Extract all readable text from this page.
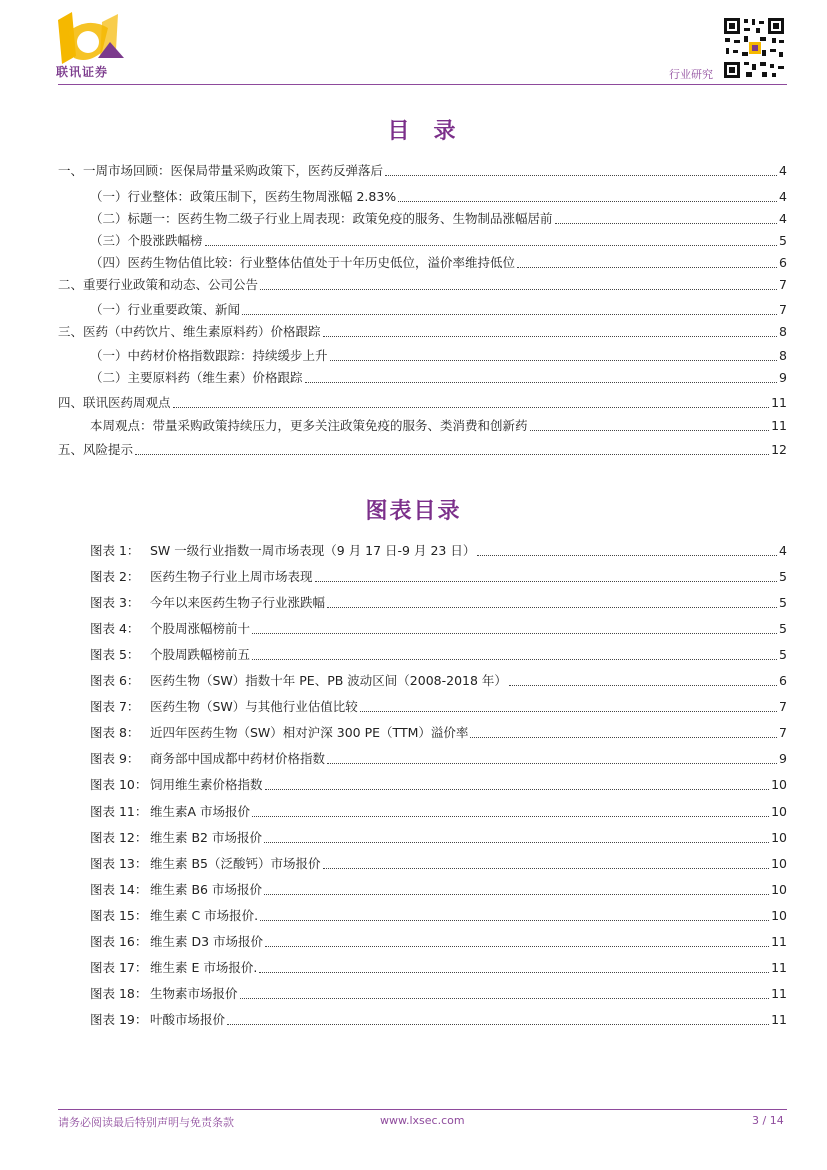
联讯证券	行业研究
目录
一、一周市场回顾：医保局带量采购政策下，医药反弹落后	4
（一）行业整体：政策压制下，医药生物周涨幅 2.83%	4
（二）标题一：医药生物二级子行业上周表现：政策免疫的服务、生物制品涨幅居前	4
（三）个股涨跌幅榜	5
（四）医药生物估值比较：行业整体估值处于十年历史低位，溢价率维持低位	6
二、重要行业政策和动态、公司公告	7
（一）行业重要政策、新闻	7
三、医药（中药饮片、维生素原料药）价格跟踪	8
（一）中药材价格指数跟踪：持续缓步上升	8
（二）主要原料药（维生素）价格跟踪	9
四、联讯医药周观点	11
本周观点：带量采购政策持续压力，更多关注政策免疫的服务、类消费和创新药	11
五、风险提示	12
图表目录
图表 1： SW 一级行业指数一周市场表现（9 月 17 日-9 月 23 日）	4
图表 2： 医药生物子行业上周市场表现	5
图表 3： 今年以来医药生物子行业涨跌幅	5
图表 4： 个股周涨幅榜前十	5
图表 5： 个股周跌幅榜前五	5
图表 6： 医药生物（SW）指数十年 PE、PB 波动区间（2008-2018 年）	6
图表 7： 医药生物（SW）与其他行业估值比较	7
图表 8： 近四年医药生物（SW）相对沪深 300 PE（TTM）溢价率	7
图表 9： 商务部中国成都中药材价格指数	9
图表 10： 饲用维生素价格指数	10
图表 11： 维生素A 市场报价	10
图表 12： 维生素 B2 市场报价	10
图表 13： 维生素 B5（泛酸钙）市场报价	10
图表 14： 维生素 B6 市场报价	10
图表 15： 维生素 C 市场报价.	10
图表 16： 维生素 D3 市场报价	11
图表 17： 维生素 E 市场报价.	11
图表 18： 生物素市场报价	11
图表 19： 叶酸市场报价	11
请务必阅读最后特别声明与免责条款	www.lxsec.com	3 / 14
